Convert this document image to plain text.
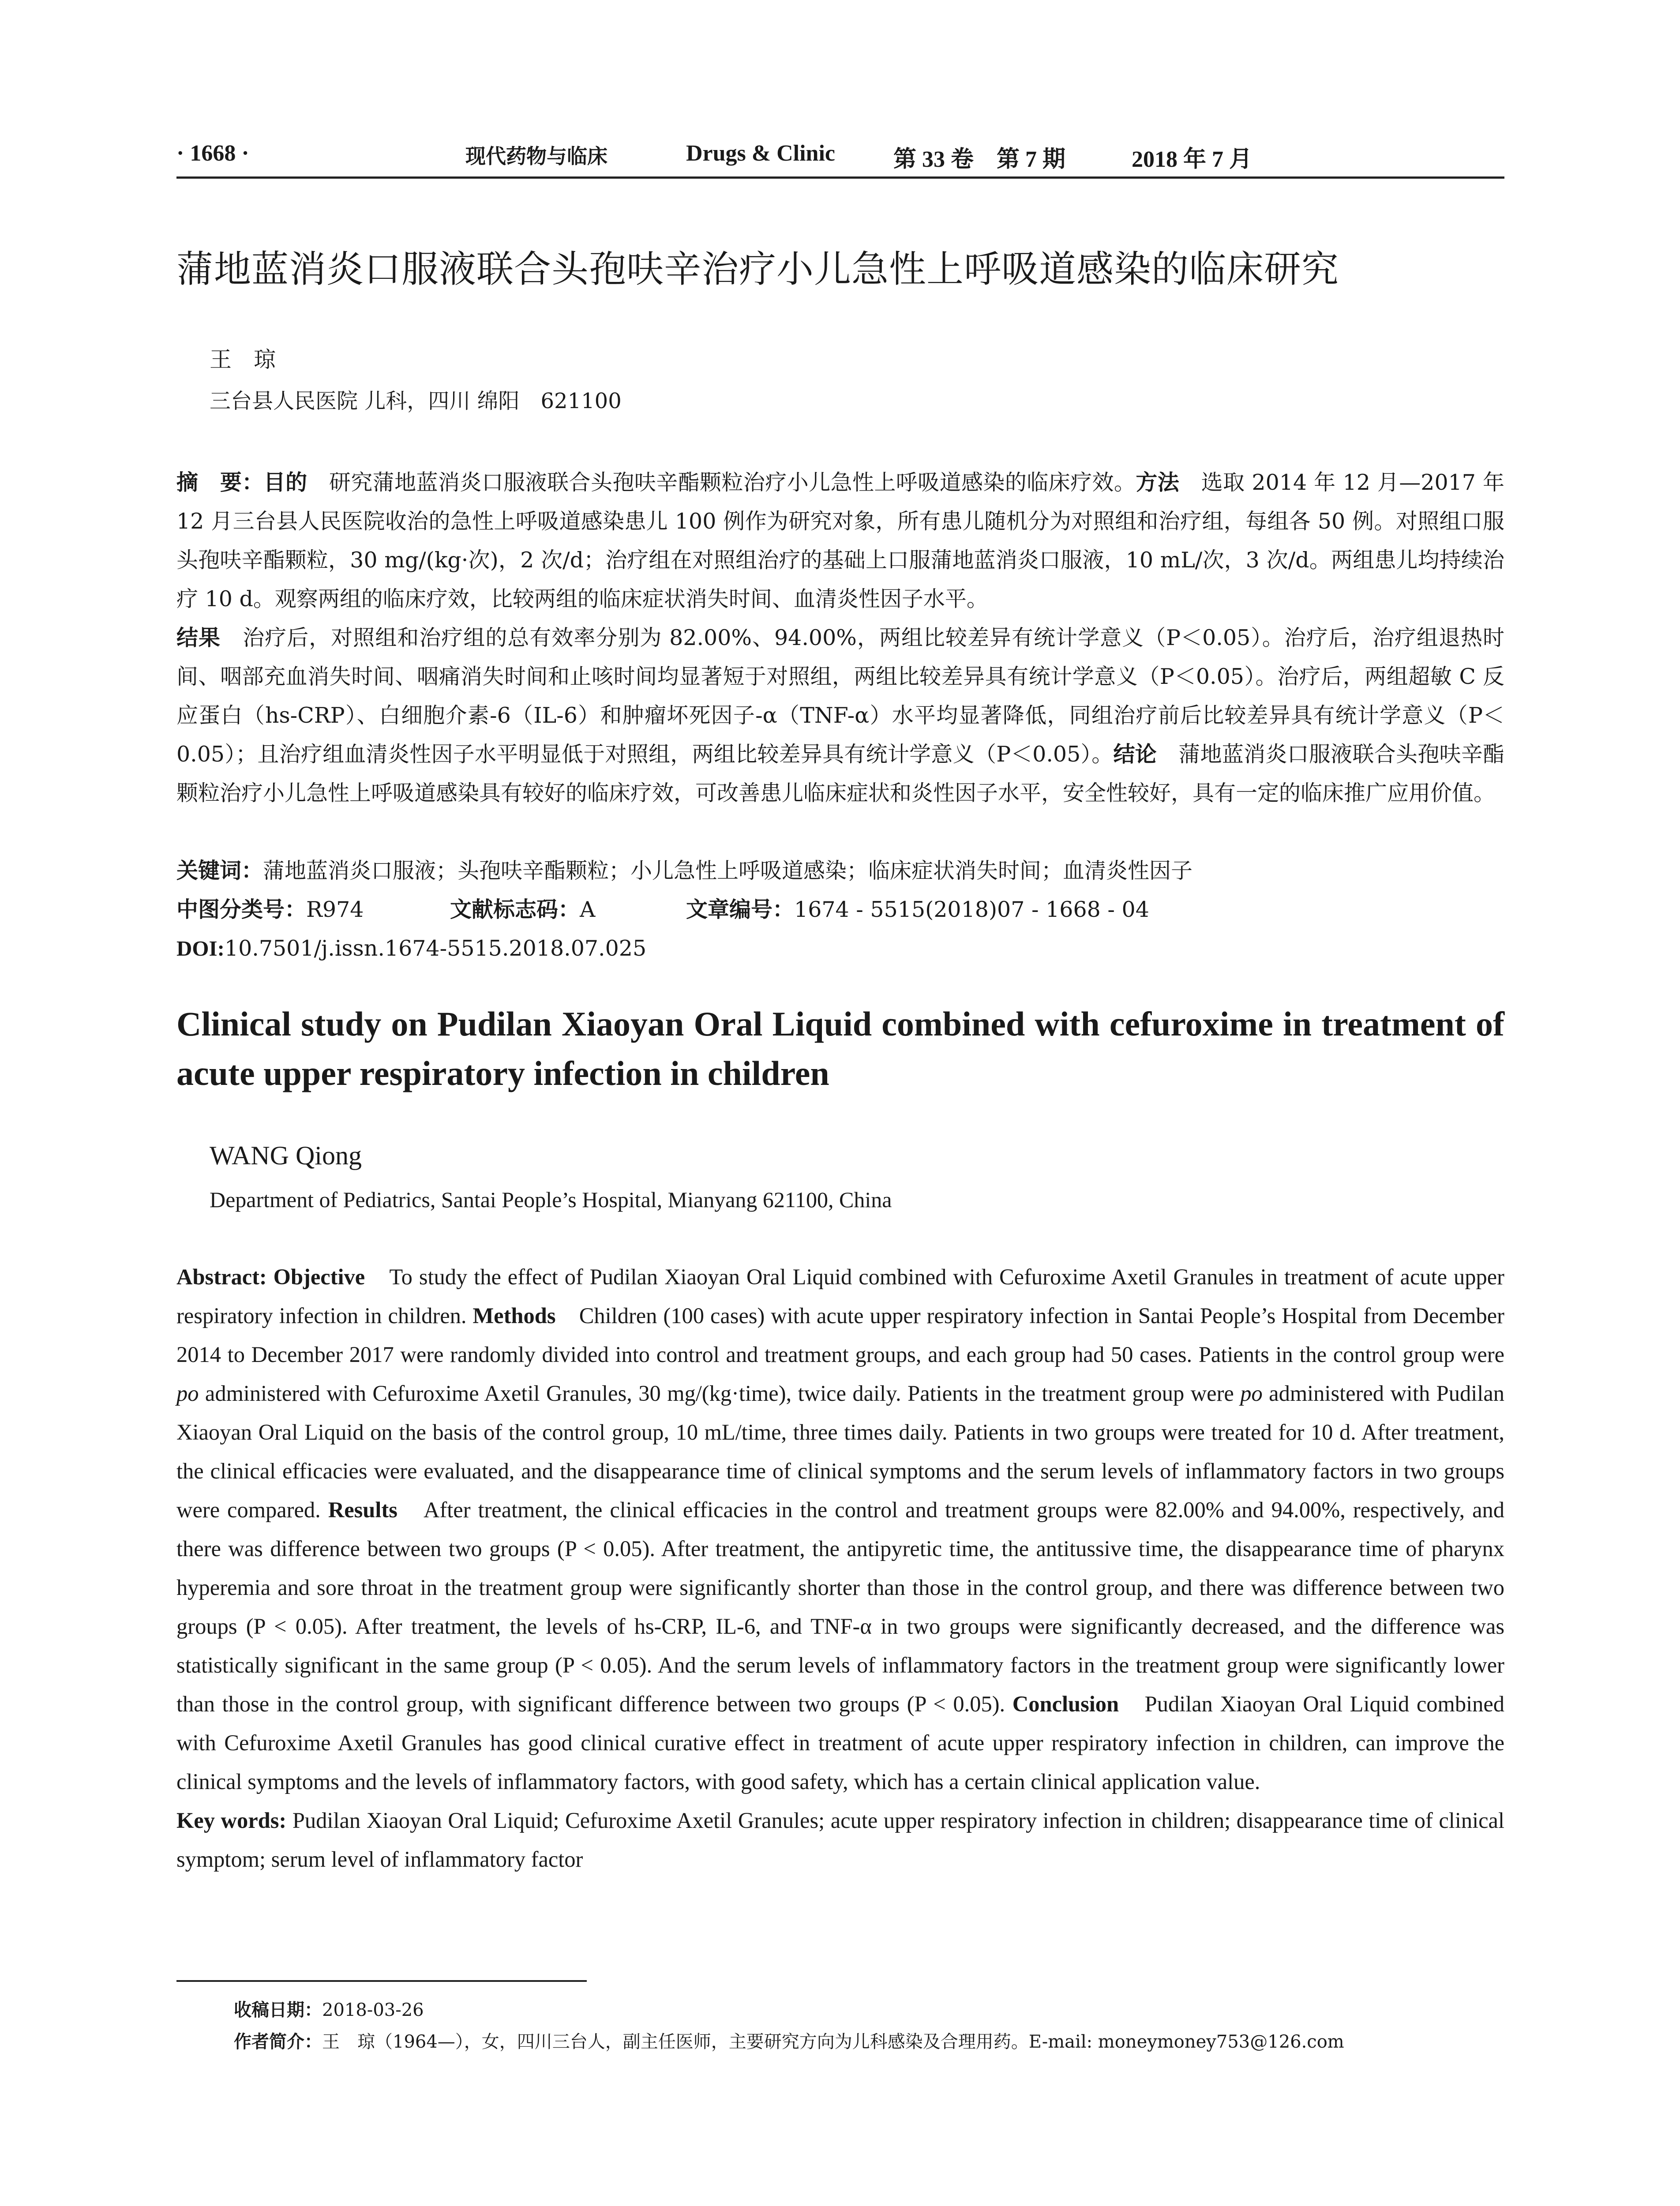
· 1668 ·	现代药物与临床	Drugs & Clinic	第 33 卷　第 7 期	2018 年 7 月
蒲地蓝消炎口服液联合头孢呋辛治疗小儿急性上呼吸道感染的临床研究
王　琼
三台县人民医院 儿科，四川 绵阳　621100

摘　要：目的　研究蒲地蓝消炎口服液联合头孢呋辛酯颗粒治疗小儿急性上呼吸道感染的临床疗效。方法　选取 2014 年 12 月—2017 年 12 月三台县人民医院收治的急性上呼吸道感染患儿 100 例作为研究对象，所有患儿随机分为对照组和治疗组，每组各 50 例。对照组口服头孢呋辛酯颗粒，30 mg/(kg·次)，2 次/d；治疗组在对照组治疗的基础上口服蒲地蓝消炎口服液，10 mL/次，3 次/d。两组患儿均持续治疗 10 d。观察两组的临床疗效，比较两组的临床症状消失时间、血清炎性因子水平。
结果　治疗后，对照组和治疗组的总有效率分别为 82.00%、94.00%，两组比较差异有统计学意义（P＜0.05）。治疗后，治疗组退热时间、咽部充血消失时间、咽痛消失时间和止咳时间均显著短于对照组，两组比较差异具有统计学意义（P＜0.05）。治疗后，两组超敏 C 反应蛋白（hs-CRP）、白细胞介素-6（IL-6）和肿瘤坏死因子-α（TNF-α）水平均显著降低，同组治疗前后比较差异具有统计学意义（P＜0.05）；且治疗组血清炎性因子水平明显低于对照组，两组比较差异具有统计学意义（P＜0.05）。结论　蒲地蓝消炎口服液联合头孢呋辛酯颗粒治疗小儿急性上呼吸道感染具有较好的临床疗效，可改善患儿临床症状和炎性因子水平，安全性较好，具有一定的临床推广应用价值。

关键词：蒲地蓝消炎口服液；头孢呋辛酯颗粒；小儿急性上呼吸道感染；临床症状消失时间；血清炎性因子
中图分类号：R974	文献标志码：A	文章编号：1674 - 5515(2018)07 - 1668 - 04
DOI:10.7501/j.issn.1674-5515.2018.07.025
Clinical study on Pudilan Xiaoyan Oral Liquid combined with cefuroxime in treatment of acute upper respiratory infection in children
WANG Qiong
Department of Pediatrics, Santai People’s Hospital, Mianyang 621100, China

Abstract: Objective　To study the effect of Pudilan Xiaoyan Oral Liquid combined with Cefuroxime Axetil Granules in treatment of acute upper respiratory infection in children. Methods　Children (100 cases) with acute upper respiratory infection in Santai People’s Hospital from December 2014 to December 2017 were randomly divided into control and treatment groups, and each group had 50 cases. Patients in the control group were po administered with Cefuroxime Axetil Granules, 30 mg/(kg·time), twice daily. Patients in the treatment group were po administered with Pudilan Xiaoyan Oral Liquid on the basis of the control group, 10 mL/time, three times daily. Patients in two groups were treated for 10 d. After treatment, the clinical efficacies were evaluated, and the disappearance time of clinical symptoms and the serum levels of inflammatory factors in two groups were compared. Results　After treatment, the clinical efficacies in the control and treatment groups were 82.00% and 94.00%, respectively, and there was difference between two groups (P < 0.05). After treatment, the antipyretic time, the antitussive time, the disappearance time of pharynx hyperemia and sore throat in the treatment group were significantly shorter than those in the control group, and there was difference between two groups (P < 0.05). After treatment, the levels of hs-CRP, IL-6, and TNF-α in two groups were significantly decreased, and the difference was statistically significant in the same group (P < 0.05). And the serum levels of inflammatory factors in the treatment group were significantly lower than those in the control group, with significant difference between two groups (P < 0.05). Conclusion　Pudilan Xiaoyan Oral Liquid combined with Cefuroxime Axetil Granules has good clinical curative effect in treatment of acute upper respiratory infection in children, can improve the clinical symptoms and the levels of inflammatory factors, with good safety, which has a certain clinical application value.

Key words: Pudilan Xiaoyan Oral Liquid; Cefuroxime Axetil Granules; acute upper respiratory infection in children; disappearance time of clinical symptom; serum level of inflammatory factor

收稿日期：2018-03-26
作者简介：王　琼（1964—），女，四川三台人，副主任医师，主要研究方向为儿科感染及合理用药。E-mail: moneymoney753@126.com
